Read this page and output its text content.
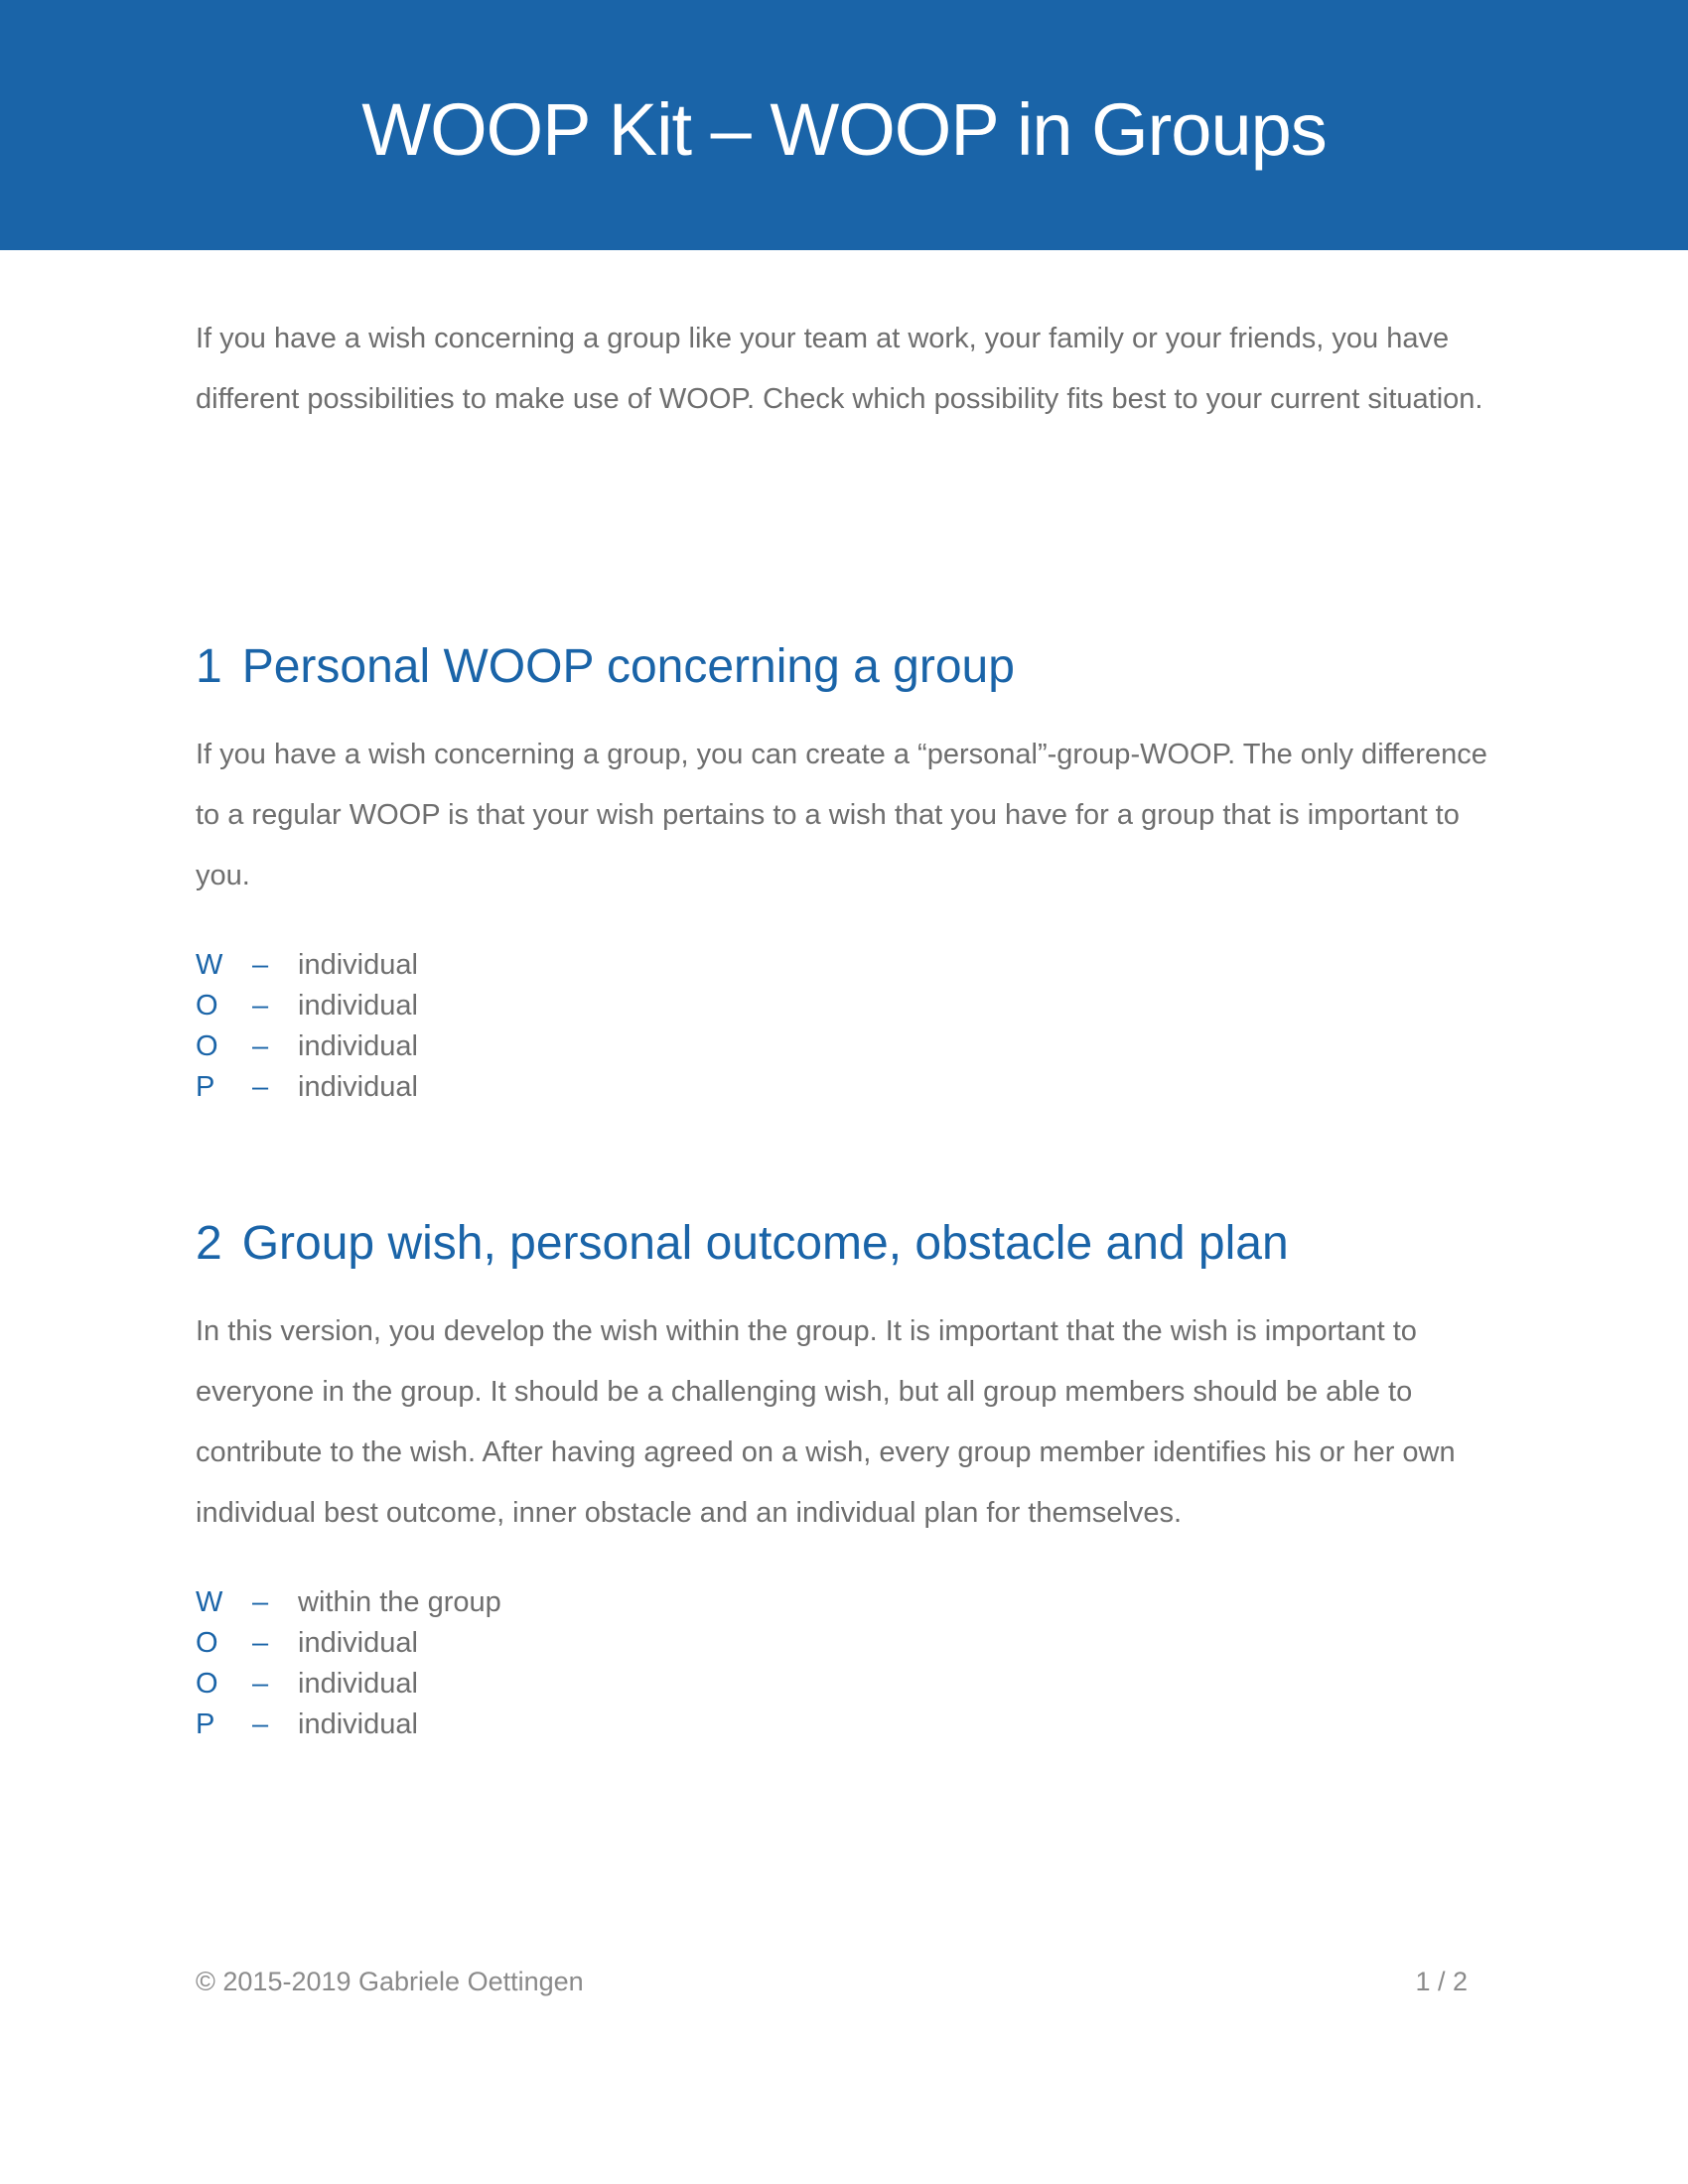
WOOP Kit – WOOP in Groups

If you have a wish concerning a group like your team at work, your family or your friends, you have different possibilities to make use of WOOP. Check which possibility fits best to your current situation.

1 Personal WOOP concerning a group

If you have a wish concerning a group, you can create a “personal”-group-WOOP. The only difference to a regular WOOP is that your wish pertains to a wish that you have for a group that is important to you.

W – individual
O – individual
O – individual
P – individual
2 Group wish, personal outcome, obstacle and plan

In this version, you develop the wish within the group. It is important that the wish is important to everyone in the group. It should be a challenging wish, but all group members should be able to contribute to the wish. After having agreed on a wish, every group member identifies his or her own individual best outcome, inner obstacle and an individual plan for themselves.

W – within the group
O – individual
O – individual
P – individual
© 2015-2019 Gabriele Oettingen	1 / 2
